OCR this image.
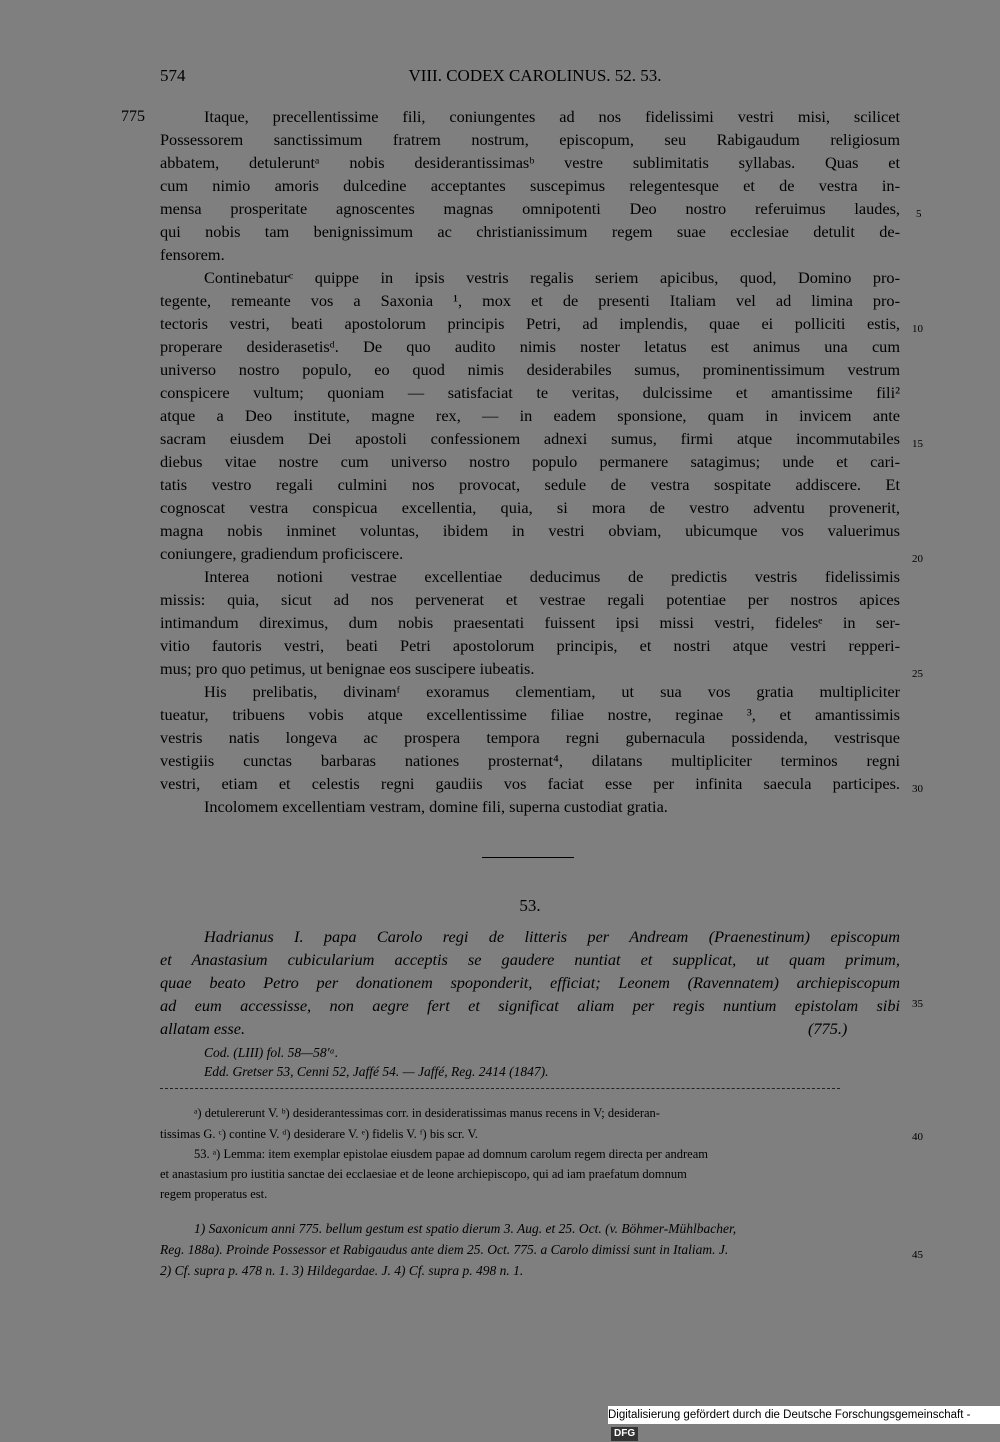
574	VIII. CODEX CAROLINUS. 52. 53.
775	Itaque, precellentissime fili, coniungentes ad nos fidelissimi vestri misi, scilicet
Possessorem sanctissimum fratrem nostrum, episcopum, seu Rabigaudum religiosum
abbatem, detuleruntᵃ nobis desiderantissimasᵇ vestre sublimitatis syllabas. Quas et
cum nimio amoris dulcedine acceptantes suscepimus relegentesque et de vestra in-
mensa prosperitate agnoscentes magnas omnipotenti Deo nostro referuimus laudes,
qui nobis tam benignissimum ac christianissimum regem suae ecclesiae detulit de-
fensorem.
Continebaturᶜ quippe in ipsis vestris regalis seriem apicibus, quod, Domino pro-
tegente, remeante vos a Saxonia ¹, mox et de presenti Italiam vel ad limina pro-
tectoris vestri, beati apostolorum principis Petri, ad implendis, quae ei polliciti estis,
properare desiderasetisᵈ. De quo audito nimis noster letatus est animus una cum
universo nostro populo, eo quod nimis desiderabiles sumus, prominentissimum vestrum
conspicere vultum; quoniam — satisfaciat te veritas, dulcissime et amantissime fili²
atque a Deo institute, magne rex, — in eadem sponsione, quam in invicem ante
sacram eiusdem Dei apostoli confessionem adnexi sumus, firmi atque incommutabiles
diebus vitae nostre cum universo nostro populo permanere satagimus; unde et cari-
tatis vestro regali culmini nos provocat, sedule de vestra sospitate addiscere. Et
cognoscat vestra conspicua excellentia, quia, si mora de vestro adventu provenerit,
magna nobis inminet voluntas, ibidem in vestri obviam, ubicumque vos valuerimus
coniungere, gradiendum proficiscere.
Interea notioni vestrae excellentiae deducimus de predictis vestris fidelissimis
missis: quia, sicut ad nos pervenerat et vestrae regali potentiae per nostros apices
intimandum direximus, dum nobis praesentati fuissent ipsi missi vestri, fidelesᵉ in ser-
vitio fautoris vestri, beati Petri apostolorum principis, et nostri atque vestri repperi-
mus; pro quo petimus, ut benignae eos suscipere iubeatis.
His prelibatis, divinamᶠ exoramus clementiam, ut sua vos gratia multipliciter
tueatur, tribuens vobis atque excellentissime filiae nostre, reginae ³, et amantissimis
vestris natis longeva ac prospera tempora regni gubernacula possidenda, vestrisque
vestigiis cunctas barbaras nationes prosternat⁴, dilatans multipliciter terminos regni
vestri, etiam et celestis regni gaudiis vos faciat esse per infinita saecula participes.
Incolomem excellentiam vestram, domine fili, superna custodiat gratia.
5
10
15
20
25
30
35
40
45
53.
Hadrianus I. papa Carolo regi de litteris per Andream (Praenestinum) episcopum
et Anastasium cubicularium acceptis se gaudere nuntiat et supplicat, ut quam primum,
quae beato Petro per donationem spoponderit, efficiat; Leonem (Ravennatem) archiepiscopum
ad eum accessisse, non aegre fert et significat aliam per regis nuntium epistolam sibi
allatam esse.	(775.)
Cod. (LIII) fol. 58—58'ᵃ.
Edd. Gretser 53, Cenni 52, Jaffé 54. — Jaffé, Reg. 2414 (1847).
ᵃ) detulererunt V. ᵇ) desiderantessimas corr. in desideratissimas manus recens in V; desideran-
tissimas G. ᶜ) contine V. ᵈ) desiderare V. ᵉ) fidelis V. ᶠ) bis scr. V.
53. ᵃ) Lemma: item exemplar epistolae eiusdem papae ad domnum carolum regem directa per andream
et anastasium pro iustitia sanctae dei ecclaesiae et de leone archiepiscopo, qui ad iam praefatum domnum
regem properatus est.
1) Saxonicum anni 775. bellum gestum est spatio dierum 3. Aug. et 25. Oct. (v. Böhmer-Mühlbacher,
Reg. 188a). Proinde Possessor et Rabigaudus ante diem 25. Oct. 775. a Carolo dimissi sunt in Italiam. J.
2) Cf. supra p. 478 n. 1. 3) Hildegardae. J. 4) Cf. supra p. 498 n. 1.
Digitalisierung gefördert durch die Deutsche Forschungsgemeinschaft -DFG
